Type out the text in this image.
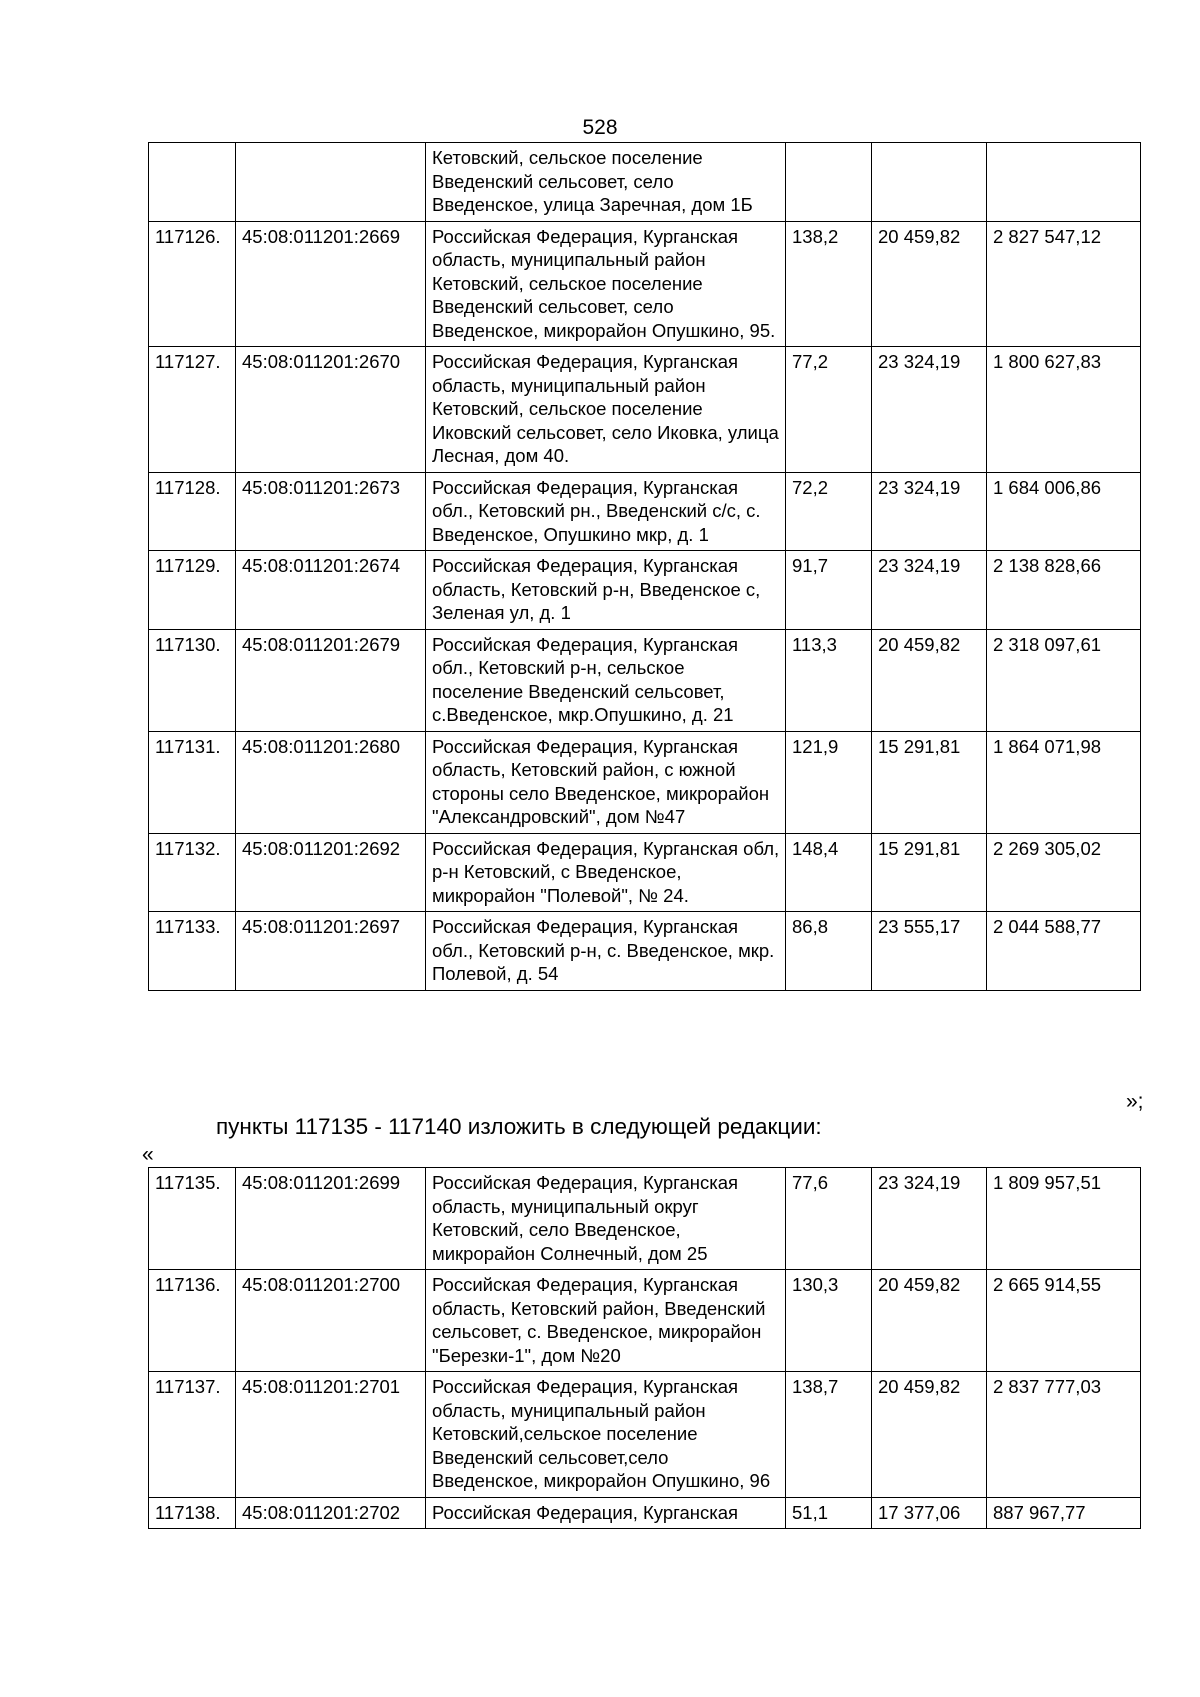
528
		Кетовский, сельское поселение Введенский сельсовет, село Введенское, улица Заречная, дом 1Б			
117126.	45:08:011201:2669	Российская Федерация, Курганская область, муниципальный район Кетовский, сельское поселение Введенский сельсовет, село Введенское, микрорайон Опушкино, 95.	138,2	20 459,82	2 827 547,12
117127.	45:08:011201:2670	Российская Федерация, Курганская область, муниципальный район Кетовский, сельское поселение Иковский сельсовет, село Иковка, улица Лесная, дом 40.	77,2	23 324,19	1 800 627,83
117128.	45:08:011201:2673	Российская Федерация, Курганская обл., Кетовский рн., Введенский с/с, с. Введенское, Опушкино мкр, д. 1	72,2	23 324,19	1 684 006,86
117129.	45:08:011201:2674	Российская Федерация, Курганская область, Кетовский р-н, Введенское с, Зеленая ул, д. 1	91,7	23 324,19	2 138 828,66
117130.	45:08:011201:2679	Российская Федерация, Курганская обл., Кетовский р-н, сельское поселение Введенский сельсовет, с.Введенское, мкр.Опушкино, д. 21	113,3	20 459,82	2 318 097,61
117131.	45:08:011201:2680	Российская Федерация, Курганская область, Кетовский район, с южной стороны село Введенское, микрорайон "Александровский", дом №47	121,9	15 291,81	1 864 071,98
117132.	45:08:011201:2692	Российская Федерация, Курганская обл, р-н Кетовский, с Введенское, микрорайон "Полевой", № 24.	148,4	15 291,81	2 269 305,02
117133.	45:08:011201:2697	Российская Федерация, Курганская обл., Кетовский р-н, с. Введенское, мкр. Полевой, д. 54	86,8	23 555,17	2 044 588,77
»;
пункты 117135 - 117140 изложить в следующей редакции:
«
117135.	45:08:011201:2699	Российская Федерация, Курганская область, муниципальный округ Кетовский, село Введенское, микрорайон Солнечный, дом 25	77,6	23 324,19	1 809 957,51
117136.	45:08:011201:2700	Российская Федерация, Курганская область, Кетовский район, Введенский сельсовет, с. Введенское, микрорайон "Березки-1", дом №20	130,3	20 459,82	2 665 914,55
117137.	45:08:011201:2701	Российская Федерация, Курганская область, муниципальный район Кетовский,сельское поселение Введенский сельсовет,село Введенское, микрорайон Опушкино, 96	138,7	20 459,82	2 837 777,03
117138.	45:08:011201:2702	Российская Федерация, Курганская	51,1	17 377,06	887 967,77
